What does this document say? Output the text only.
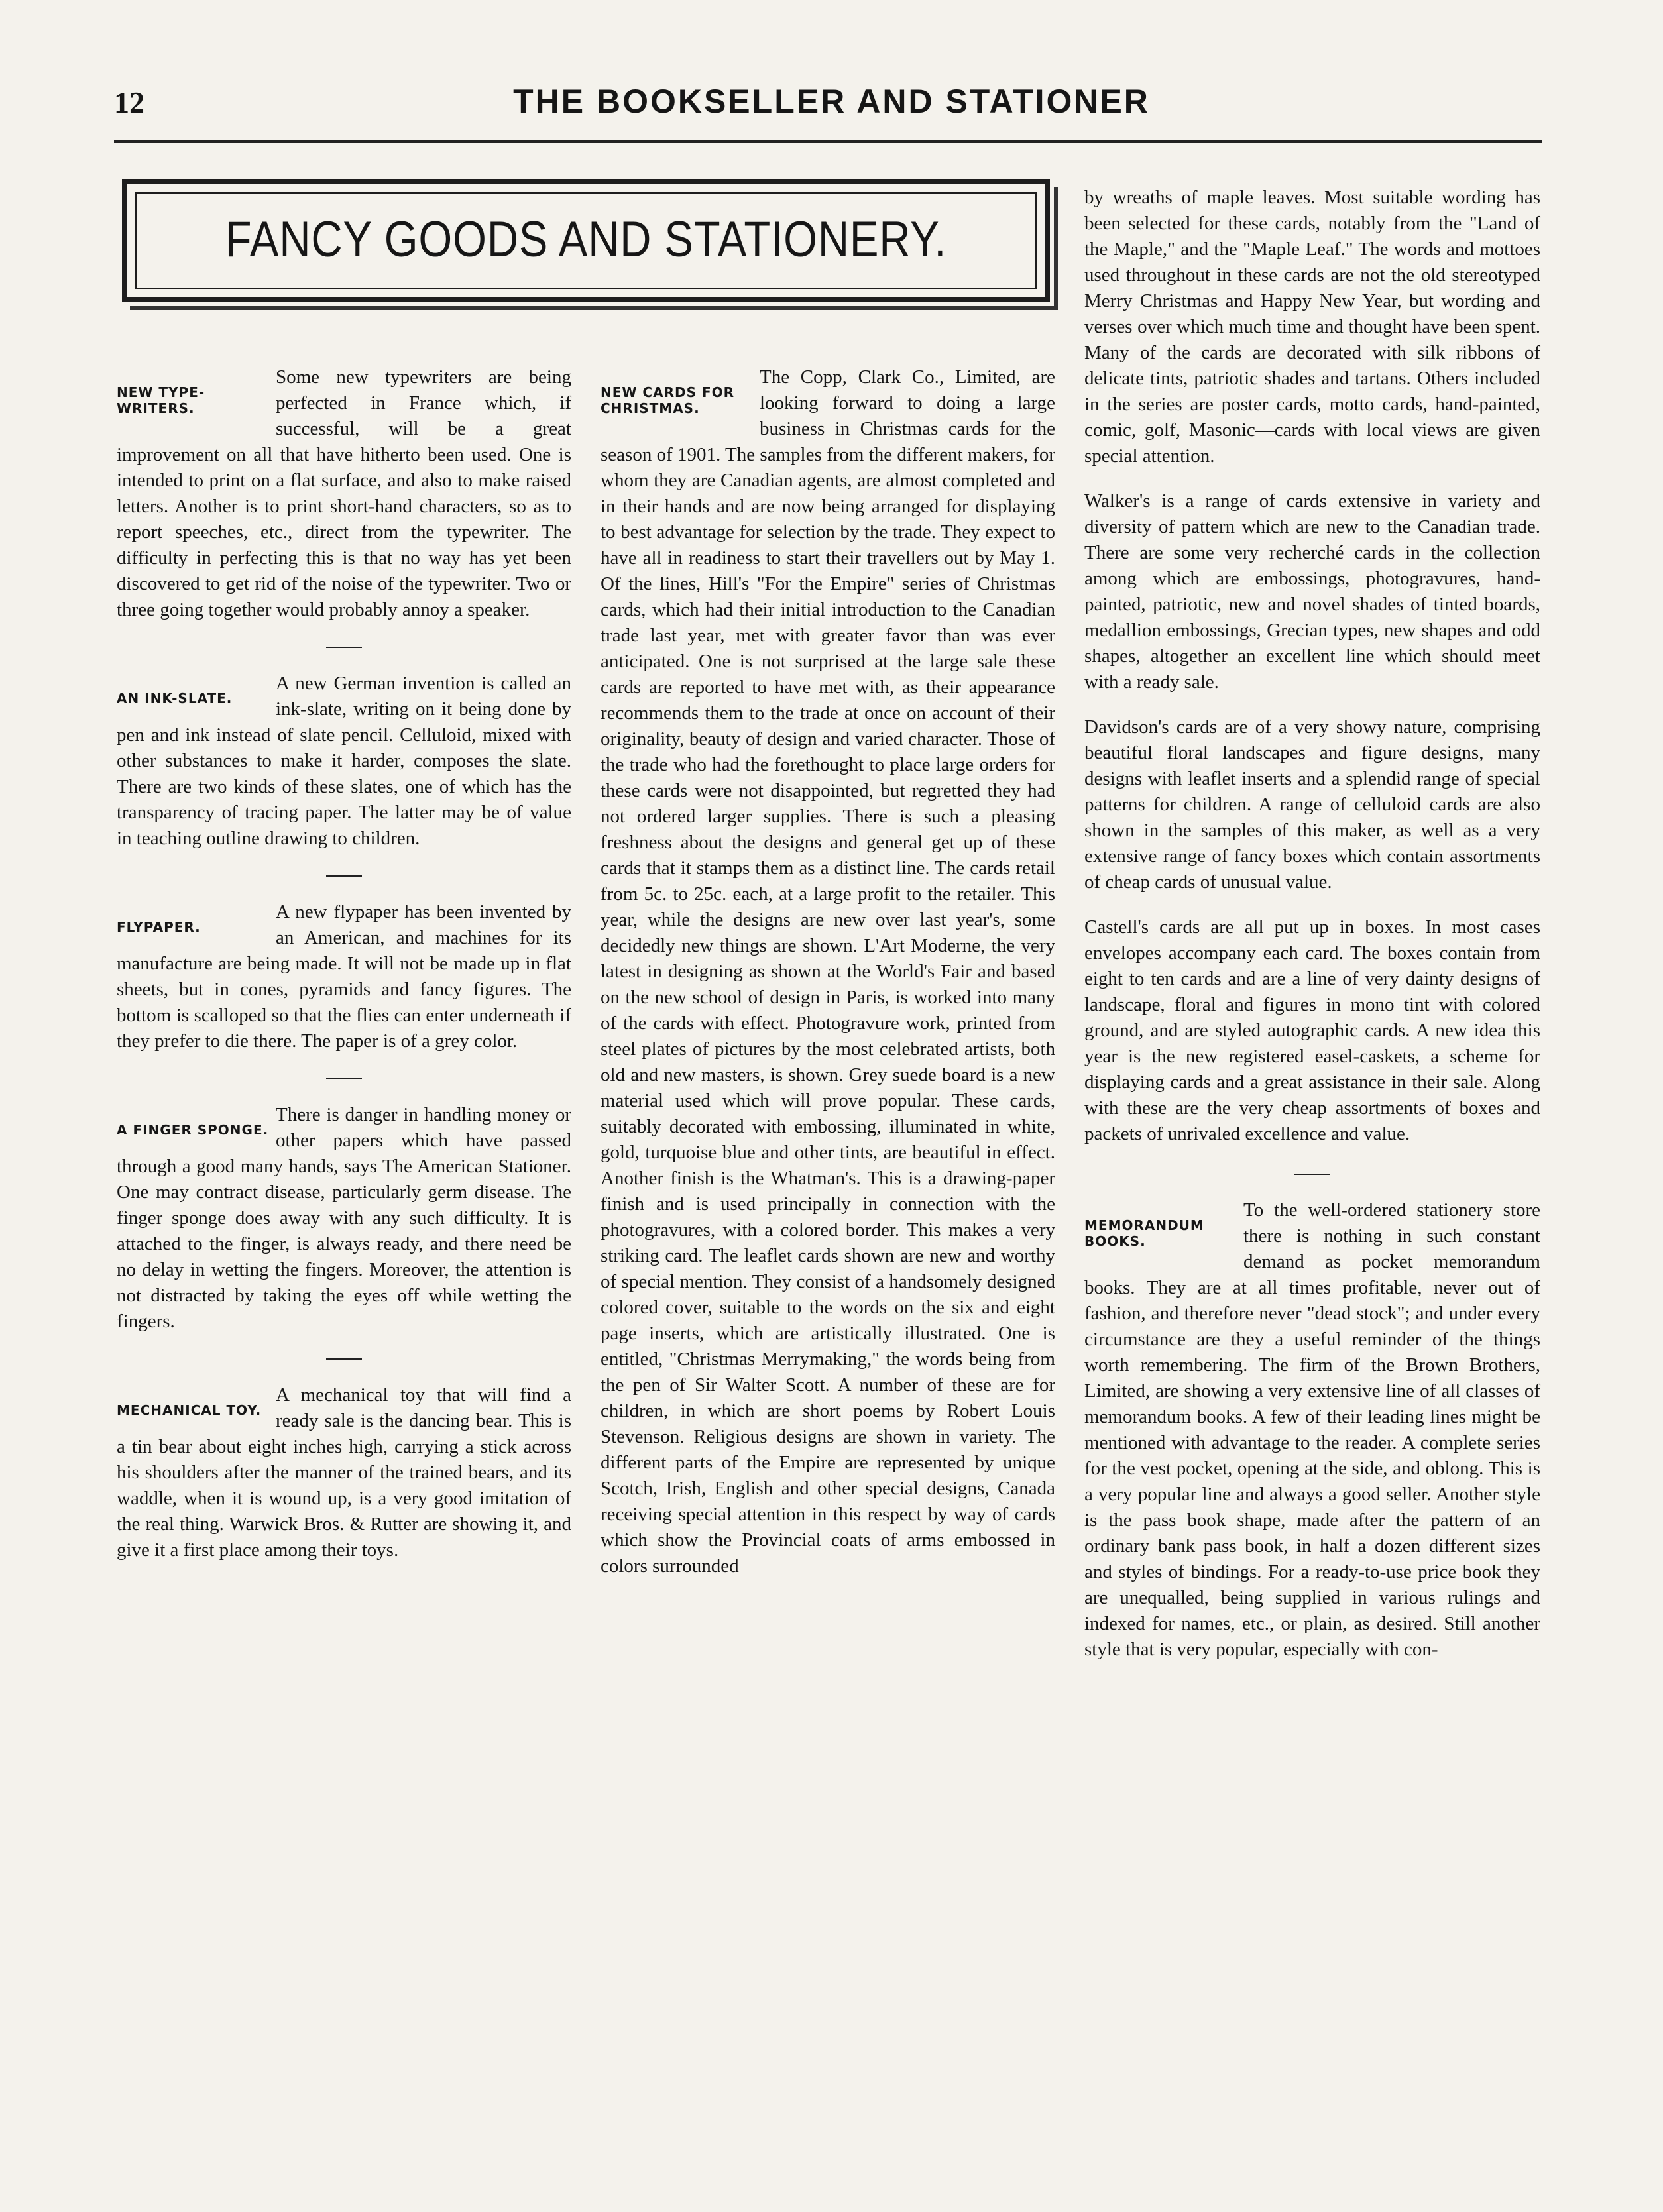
12	THE BOOKSELLER AND STATIONER
FANCY GOODS AND STATIONERY.
NEW TYPE-WRITERS.

Some new typewriters are being perfected in France which, if successful, will be a great improvement on all that have hitherto been used. One is intended to print on a flat surface, and also to make raised letters. Another is to print short-hand characters, so as to report speeches, etc., direct from the typewriter. The difficulty in perfecting this is that no way has yet been discovered to get rid of the noise of the typewriter. Two or three going together would probably annoy a speaker.

AN INK-SLATE.

A new German invention is called an ink-slate, writing on it being done by pen and ink instead of slate pencil. Celluloid, mixed with other substances to make it harder, composes the slate. There are two kinds of these slates, one of which has the transparency of tracing paper. The latter may be of value in teaching outline drawing to children.

FLYPAPER.

A new flypaper has been invented by an American, and machines for its manufacture are being made. It will not be made up in flat sheets, but in cones, pyramids and fancy figures. The bottom is scalloped so that the flies can enter underneath if they prefer to die there. The paper is of a grey color.

A FINGER SPONGE.

There is danger in handling money or other papers which have passed through a good many hands, says The American Stationer. One may contract disease, particularly germ disease. The finger sponge does away with any such difficulty. It is attached to the finger, is always ready, and there need be no delay in wetting the fingers. Moreover, the attention is not distracted by taking the eyes off while wetting the fingers.

MECHANICAL TOY.

A mechanical toy that will find a ready sale is the dancing bear. This is a tin bear about eight inches high, carrying a stick across his shoulders after the manner of the trained bears, and its waddle, when it is wound up, is a very good imitation of the real thing. Warwick Bros. & Rutter are showing it, and give it a first place among their toys.

NEW CARDS FOR CHRISTMAS.

The Copp, Clark Co., Limited, are looking forward to doing a large business in Christmas cards for the season of 1901. The samples from the different makers, for whom they are Canadian agents, are almost completed and in their hands and are now being arranged for displaying to best advantage for selection by the trade. They expect to have all in readiness to start their travellers out by May 1. Of the lines, Hill's "For the Empire" series of Christmas cards, which had their initial introduction to the Canadian trade last year, met with greater favor than was ever anticipated. One is not surprised at the large sale these cards are reported to have met with, as their appearance recommends them to the trade at once on account of their originality, beauty of design and varied character. Those of the trade who had the forethought to place large orders for these cards were not disappointed, but regretted they had not ordered larger supplies. There is such a pleasing freshness about the designs and general get up of these cards that it stamps them as a distinct line. The cards retail from 5c. to 25c. each, at a large profit to the retailer. This year, while the designs are new over last year's, some decidedly new things are shown. L'Art Moderne, the very latest in designing as shown at the World's Fair and based on the new school of design in Paris, is worked into many of the cards with effect. Photogravure work, printed from steel plates of pictures by the most celebrated artists, both old and new masters, is shown. Grey suede board is a new material used which will prove popular. These cards, suitably decorated with embossing, illuminated in white, gold, turquoise blue and other tints, are beautiful in effect. Another finish is the Whatman's. This is a drawing-paper finish and is used principally in connection with the photogravures, with a colored border. This makes a very striking card. The leaflet cards shown are new and worthy of special mention. They consist of a handsomely designed colored cover, suitable to the words on the six and eight page inserts, which are artistically illustrated. One is entitled, "Christmas Merrymaking," the words being from the pen of Sir Walter Scott. A number of these are for children, in which are short poems by Robert Louis Stevenson. Religious designs are shown in variety. The different parts of the Empire are represented by unique Scotch, Irish, English and other special designs, Canada receiving special attention in this respect by way of cards which show the Provincial coats of arms embossed in colors surrounded

by wreaths of maple leaves. Most suitable wording has been selected for these cards, notably from the "Land of the Maple," and the "Maple Leaf." The words and mottoes used throughout in these cards are not the old stereotyped Merry Christmas and Happy New Year, but wording and verses over which much time and thought have been spent. Many of the cards are decorated with silk ribbons of delicate tints, patriotic shades and tartans. Others included in the series are poster cards, motto cards, hand-painted, comic, golf, Masonic—cards with local views are given special attention.

Walker's is a range of cards extensive in variety and diversity of pattern which are new to the Canadian trade. There are some very recherché cards in the collection among which are embossings, photogravures, hand-painted, patriotic, new and novel shades of tinted boards, medallion embossings, Grecian types, new shapes and odd shapes, altogether an excellent line which should meet with a ready sale.

Davidson's cards are of a very showy nature, comprising beautiful floral landscapes and figure designs, many designs with leaflet inserts and a splendid range of special patterns for children. A range of celluloid cards are also shown in the samples of this maker, as well as a very extensive range of fancy boxes which contain assortments of cheap cards of unusual value.

Castell's cards are all put up in boxes. In most cases envelopes accompany each card. The boxes contain from eight to ten cards and are a line of very dainty designs of landscape, floral and figures in mono tint with colored ground, and are styled autographic cards. A new idea this year is the new registered easel-caskets, a scheme for displaying cards and a great assistance in their sale. Along with these are the very cheap assortments of boxes and packets of unrivaled excellence and value.

MEMORANDUM BOOKS.

To the well-ordered stationery store there is nothing in such constant demand as pocket memorandum books. They are at all times profitable, never out of fashion, and therefore never "dead stock"; and under every circumstance are they a useful reminder of the things worth remembering. The firm of the Brown Brothers, Limited, are showing a very extensive line of all classes of memorandum books. A few of their leading lines might be mentioned with advantage to the reader. A complete series for the vest pocket, opening at the side, and oblong. This is a very popular line and always a good seller. Another style is the pass book shape, made after the pattern of an ordinary bank pass book, in half a dozen different sizes and styles of bindings. For a ready-to-use price book they are unequalled, being supplied in various rulings and indexed for names, etc., or plain, as desired. Still another style that is very popular, especially with con-
